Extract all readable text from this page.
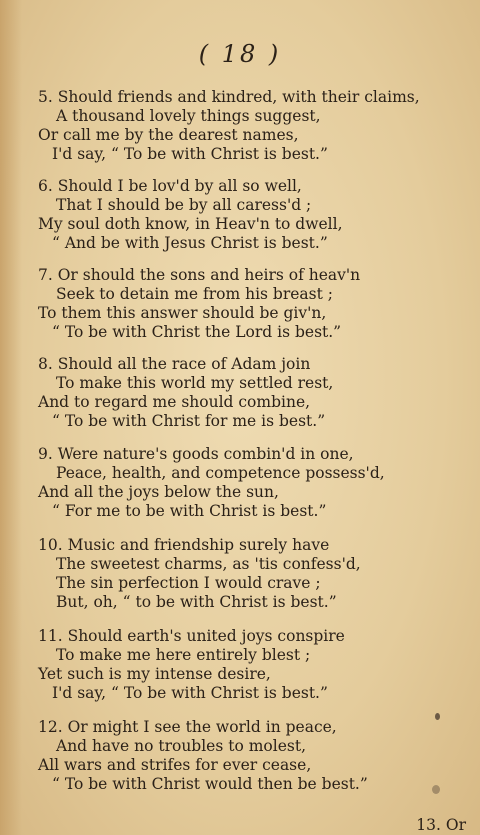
( 18 )
5. Should friends and kindred, with their claims,
A thousand lovely things suggest,
Or call me by the dearest names,
I'd say, “ To be with Christ is best.”
6. Should I be lov'd by all so well,
That I should be by all caress'd ;
My soul doth know, in Heav'n to dwell,
“ And be with Jesus Christ is best.”
7. Or should the sons and heirs of heav'n
Seek to detain me from his breast ;
To them this answer should be giv'n,
“ To be with Christ the Lord is best.”
8. Should all the race of Adam join
To make this world my settled rest,
And to regard me should combine,
“ To be with Christ for me is best.”
9. Were nature's goods combin'd in one,
Peace, health, and competence possess'd,
And all the joys below the sun,
“ For me to be with Christ is best.”
10. Music and friendship surely have
The sweetest charms, as 'tis confess'd,
The sin perfection I would crave ;
But, oh, “ to be with Christ is best.”
11. Should earth's united joys conspire
To make me here entirely blest ;
Yet such is my intense desire,
I'd say, “ To be with Christ is best.”
12. Or might I see the world in peace,
And have no troubles to molest,
All wars and strifes for ever cease,
“ To be with Christ would then be best.”
13. Or
